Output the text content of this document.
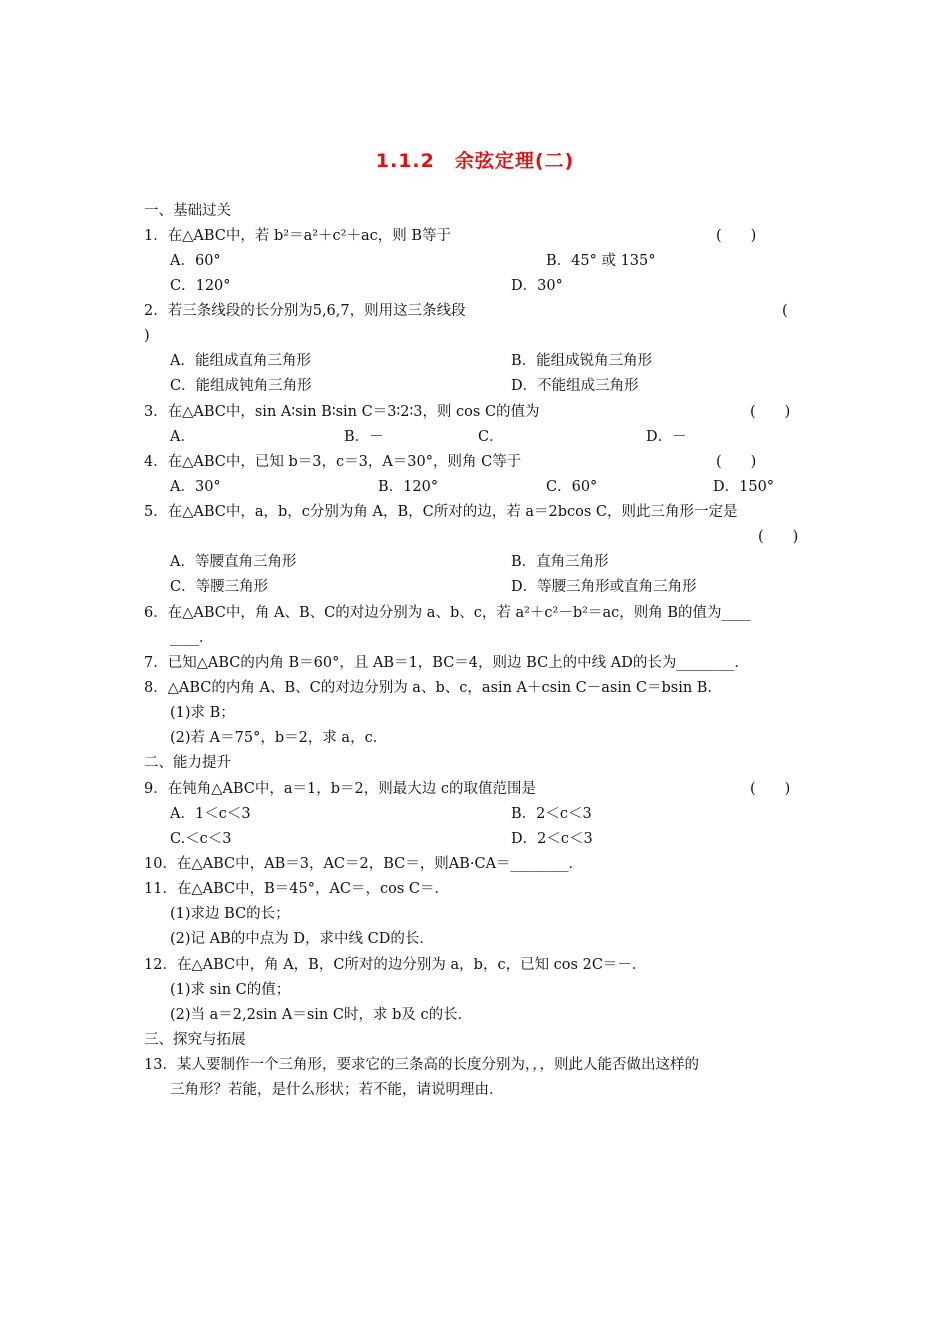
1.1.2　余弦定理(二)
一、基础过关
1．在△ABC中，若 b²＝a²＋c²＋ac，则 B等于	(　　)
A．60°	B．45° 或 135°
C．120°	D．30°
2．若三条线段的长分别为5,6,7，则用这三条线段	(
)
A．能组成直角三角形	B．能组成锐角三角形
C．能组成钝角三角形	D．不能组成三角形
3．在△ABC中，sin A∶sin B∶sin C＝3∶2∶3，则 cos C的值为	(　　)
A．	B．－	C．	D．－
4．在△ABC中，已知 b＝3，c＝3，A＝30°，则角 C等于	(　　)
A．30°	B．120°	C．60°	D．150°
5．在△ABC中，a，b，c分别为角 A，B，C所对的边，若 a＝2bcos C，则此三角形一定是
(　　)
A．等腰直角三角形	B．直角三角形
C．等腰三角形	D．等腰三角形或直角三角形
6．在△ABC中，角 A、B、C的对边分别为 a、b、c，若 a²＋c²－b²＝ac，则角 B的值为____
____．
7．已知△ABC的内角 B＝60°，且 AB＝1，BC＝4，则边 BC上的中线 AD的长为________．
8．△ABC的内角 A、B、C的对边分别为 a、b、c，asin A＋csin C－asin C＝bsin B．
(1)求 B；
(2)若 A＝75°，b＝2，求 a，c．
二、能力提升
9．在钝角△ABC中，a＝1，b＝2，则最大边 c的取值范围是	(　　)
A．1＜c＜3	B．2＜c＜3
C.＜c＜3	D．2＜c＜3
10．在△ABC中，AB＝3，AC＝2，BC＝，则AB·CA＝________．
11．在△ABC中，B＝45°，AC＝，cos C＝．
(1)求边 BC的长；
(2)记 AB的中点为 D，求中线 CD的长．
12．在△ABC中，角 A，B，C所对的边分别为 a，b，c，已知 cos 2C＝－．
(1)求 sin C的值；
(2)当 a＝2,2sin A＝sin C时，求 b及 c的长．
三、探究与拓展
13．某人要制作一个三角形，要求它的三条高的长度分别为，，，则此人能否做出这样的
三角形？若能，是什么形状；若不能，请说明理由．
